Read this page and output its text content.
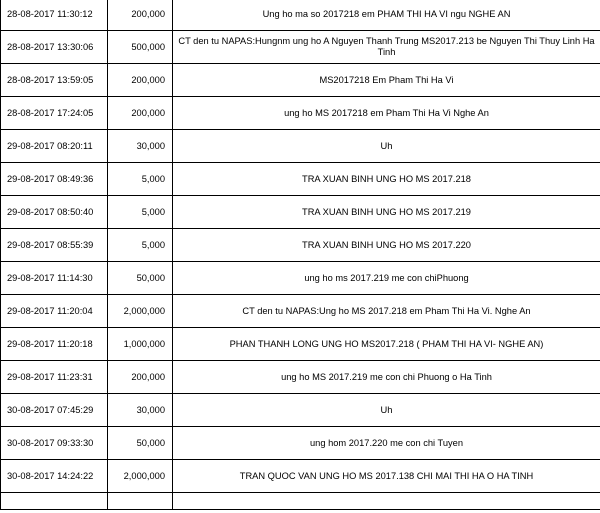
28-08-2017 11:30:12	200,000	Ung ho ma so 2017218 em PHAM THI HA VI ngu NGHE AN
28-08-2017 13:30:06	500,000	CT den tu NAPAS:Hungnm ung ho A Nguyen Thanh Trung MS2017.213 be Nguyen Thi Thuy Linh Ha Tinh
28-08-2017 13:59:05	200,000	MS2017218 Em Pham Thi Ha Vi
28-08-2017 17:24:05	200,000	ung ho MS 2017218 em Pham Thi Ha Vi Nghe An
29-08-2017 08:20:11	30,000	Uh
29-08-2017 08:49:36	5,000	TRA XUAN BINH UNG HO MS 2017.218
29-08-2017 08:50:40	5,000	TRA XUAN BINH UNG HO MS 2017.219
29-08-2017 08:55:39	5,000	TRA XUAN BINH UNG HO MS 2017.220
29-08-2017 11:14:30	50,000	ung ho ms 2017.219 me con chiPhuong
29-08-2017 11:20:04	2,000,000	CT den tu NAPAS:Ung ho MS 2017.218 em Pham Thi Ha Vi. Nghe An
29-08-2017 11:20:18	1,000,000	PHAN THANH LONG UNG HO MS2017.218 ( PHAM THI HA VI- NGHE AN)
29-08-2017 11:23:31	200,000	ung ho MS 2017.219 me con chi Phuong o Ha Tinh
30-08-2017 07:45:29	30,000	Uh
30-08-2017 09:33:30	50,000	ung hom 2017.220 me con chi Tuyen
30-08-2017 14:24:22	2,000,000	TRAN QUOC VAN UNG HO MS 2017.138 CHI MAI THI HA O HA TINH
